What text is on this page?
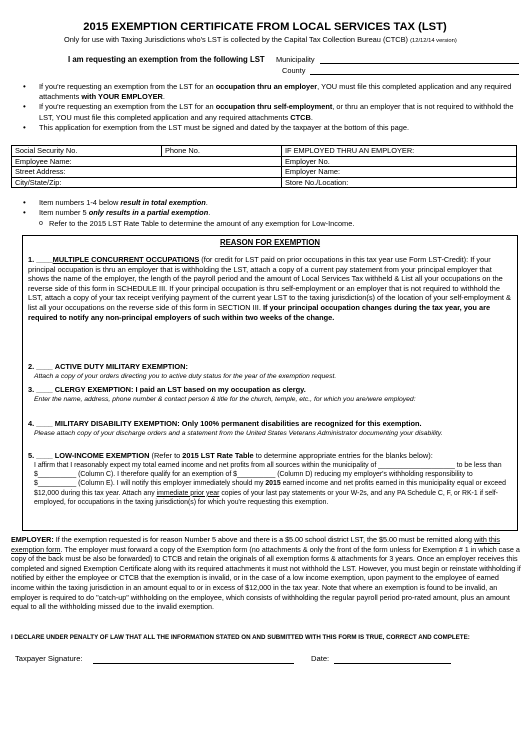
2015 EXEMPTION CERTIFICATE FROM LOCAL SERVICES TAX (LST)
Only for use with Taxing Jurisdictions who's LST is collected by the Capital Tax Collection Bureau (CTCB) (12/12/14 version)
I am requesting an exemption from the following LST Municipality
County
• If you're requesting an exemption from the LST for an occupation thru an employer, YOU must file this completed application and any required attachments with YOUR EMPLOYER.
• If you're requesting an exemption from the LST for an occupation thru self-employment, or thru an employer that is not required to withhold the LST, YOU must file this completed application and any required attachments CTCB.
• This application for exemption from the LST must be signed and dated by the taxpayer at the bottom of this page.
Social Security No.	Phone No.	IF EMPLOYED THRU AN EMPLOYER:
Employee Name:		Employer No.
Street Address:		Employer Name:
City/State/Zip:		Store No./Location:
• Item numbers 1-4 below result in total exemption.
• Item number 5 only results in a partial exemption.
o Refer to the 2015 LST Rate Table to determine the amount of any exemption for Low-Income.
REASON FOR EXEMPTION
1. ____MULTIPLE CONCURRENT OCCUPATIONS (for credit for LST paid on prior occupations in this tax year use Form LST-Credit): If your principal occupation is thru an employer that is withholding the LST, attach a copy of a current pay statement from your principal employer that shows the name of the employer, the length of the payroll period and the amount of Local Services Tax withheld & List all your occupations on the reverse side of this form in SCHEDULE III. If your principal occupation is thru self-employment or an employer that is not required to withhold the LST, attach a copy of your tax receipt verifying payment of the current year LST to the taxing jurisdiction(s) of the location of your self-employment & list all your occupations on the reverse side of this form in SECTION III. If your principal occupation changes during the tax year, you are required to notify any non-principal employers of such within two weeks of the change.
2. ____ ACTIVE DUTY MILITARY EXEMPTION:
Attach a copy of your orders directing you to active duty status for the year of the exemption request.
3. ____ CLERGY EXEMPTION: I paid an LST based on my occupation as clergy.
Enter the name, address, phone number & contact person & title for the church, temple, etc., for which you are/were employed:
4. ____ MILITARY DISABILITY EXEMPTION: Only 100% permanent disabilities are recognized for this exemption.
Please attach copy of your discharge orders and a statement from the United States Veterans Administrator documenting your disability.
5. ____ LOW-INCOME EXEMPTION (Refer to 2015 LST Rate Table to determine appropriate entries for the blanks below):
I affirm that I reasonably expect my total earned income and net profits from all sources within the municipality of ____________________ to be less than $__________ (Column C). I therefore qualify for an exemption of $__________ (Column D) reducing my employer's withholding responsibility to $__________ (Column E). I will notify this employer immediately should my 2015 earned income and net profits earned in this municipality equal or exceed $12,000 during this tax year. Attach any immediate prior year copies of your last pay statements or your W-2s, and any PA Schedule C, F, or RK-1 if self-employed, for occupations in the taxing jurisdiction(s) for which you're requesting this exemption.
EMPLOYER: If the exemption requested is for reason Number 5 above and there is a $5.00 school district LST, the $5.00 must be remitted along with this exemption form. The employer must forward a copy of the Exemption form (no attachments & only the front of the form unless for Exemption # 1 in which case a copy of the back must be also be forwarded) to CTCB and retain the originals of all exemption forms & attachments for 3 years. Once an employer receives this completed and signed Exemption Certificate along with its required attachments it must not withhold the LST. However, you must begin or reinstate withholding if notified by either the employee or CTCB that the exemption is invalid, or in the case of a low income exemption, upon payment to the employee of earned income within the taxing jurisdiction in an amount equal to or in excess of $12,000 in the tax year. Note that where an exemption is found to be invalid, an employer is required to do "catch-up" withholding on the employee, which consists of withholding the regular payroll period pro-rated amount, plus an amount equal to all the withholding missed due to the invalid exemption.
I DECLARE UNDER PENALTY OF LAW THAT ALL THE INFORMATION STATED ON AND SUBMITTED WITH THIS FORM IS TRUE, CORRECT AND COMPLETE:
Taxpayer Signature:	Date:
